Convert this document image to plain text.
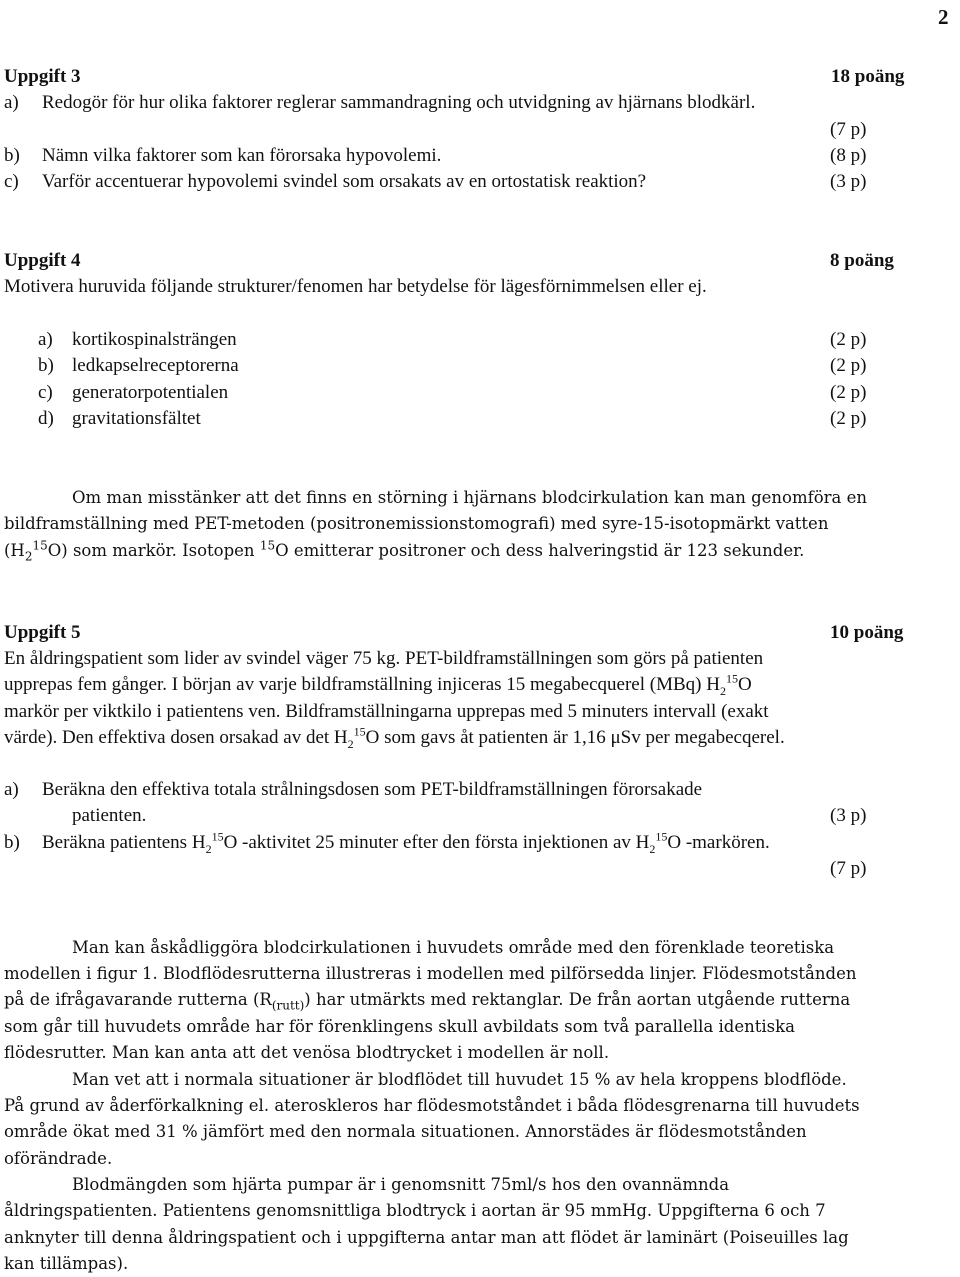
2
Uppgift 3	18 poäng
a) Redogör för hur olika faktorer reglerar sammandragning och utvidgning av hjärnans blodkärl.
(7 p)
b) Nämn vilka faktorer som kan förorsaka hypovolemi.	(8 p)
c) Varför accentuerar hypovolemi svindel som orsakats av en ortostatisk reaktion?	(3 p)
Uppgift 4	8 poäng
Motivera huruvida följande strukturer/fenomen har betydelse för lägesförnimmelsen eller ej.
a) kortikospinalsträngen	(2 p)
b) ledkapselreceptorerna	(2 p)
c) generatorpotentialen	(2 p)
d) gravitationsfältet	(2 p)
Om man misstänker att det finns en störning i hjärnans blodcirkulation kan man genomföra en
bildframställning med PET-metoden (positronemissionstomografi) med syre-15-isotopmärkt vatten
$(H_2^{15}O)$ som markör. Isotopen $^{15}$O emitterar positroner och dess halveringstid är 123 sekunder.
Uppgift 5	10 poäng
En åldringspatient som lider av svindel väger 75 kg. PET-bildframställningen som görs på patienten
upprepas fem gånger. I början av varje bildframställning injiceras 15 megabecquerel (MBq) $H_2^{15}O$
markör per viktkilo i patientens ven. Bildframställningarna upprepas med 5 minuters intervall (exakt
värde). Den effektiva dosen orsakad av $\det H_2^{15}O$ som gavs åt patienten är 1,16 μSv per megabecqerel.
a) Beräkna den effektiva totala strålningsdosen som PET-bildframställningen förorsakade
patienten.	(3 p)
b) Beräkna patientens $H_2^{15}O$ -aktivitet 25 minuter efter den första injektionen av $H_2^{15}O$ -markören.
(7 p)
Man kan åskådliggöra blodcirkulationen i huvudets område med den förenklade teoretiska
modellen i figur 1. Blodflödesrutterna illustreras i modellen med pilförsedda linjer. Flödesmotstånden
på de ifrågavarande rutterna $(R_{(rutt)})$ har utmärkts med rektanglar. De från aortan utgående rutterna
som går till huvudets område har för förenklingens skull avbildats som två parallella identiska
flödesrutter. Man kan anta att det venösa blodtrycket i modellen är noll.
Man vet att i normala situationer är blodflödet till huvudet 15 % av hela kroppens blodflöde.
På grund av åderförkalkning el. ateroskleros har flödesmotståndet i båda flödesgrenarna till huvudets
område ökat med 31 % jämfört med den normala situationen. Annorstädes är flödesmotstånden
oförändrade.
Blodmängden som hjärta pumpar är i genomsnitt 75ml/s hos den ovannämnda
åldringspatienten. Patientens genomsnittliga blodtryck i aortan är 95 mmHg. Uppgifterna 6 och 7
anknyter till denna åldringspatient och i uppgifterna antar man att flödet är laminärt (Poiseuilles lag
kan tillämpas).
